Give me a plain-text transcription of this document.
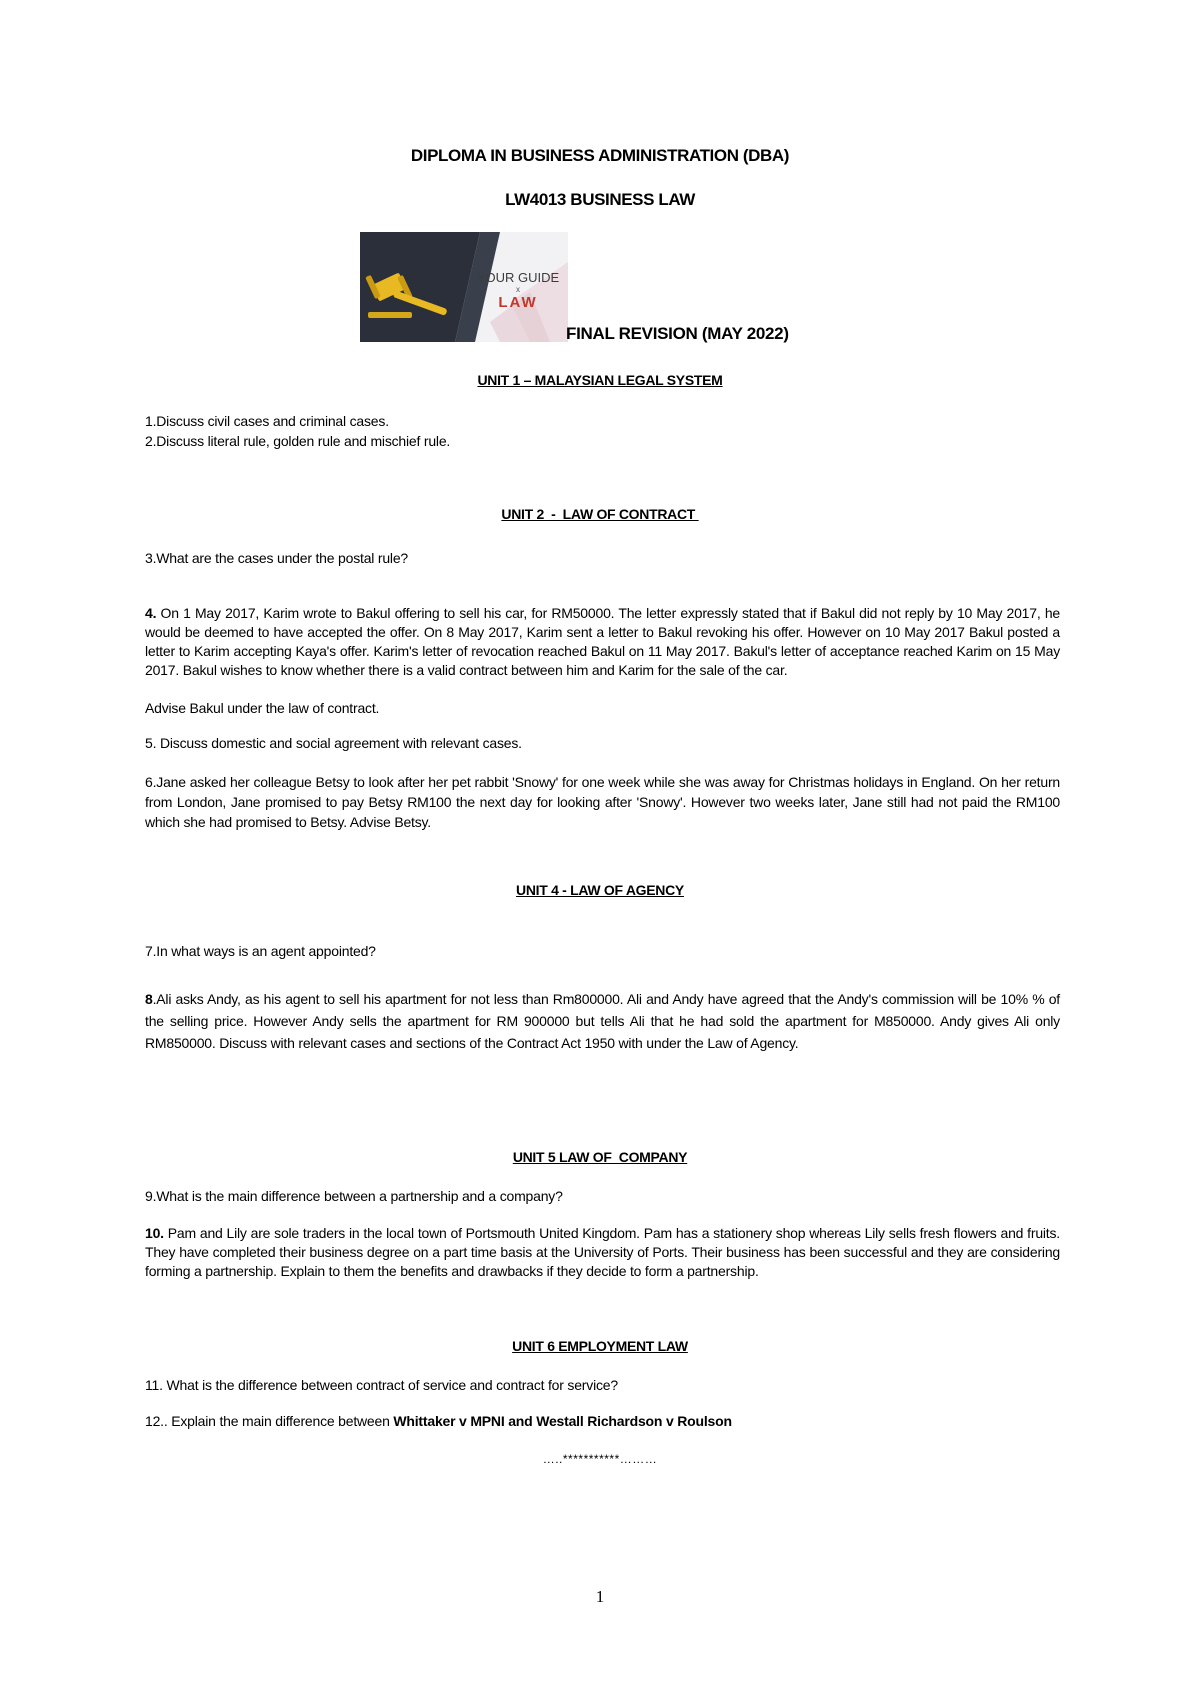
DIPLOMA IN BUSINESS ADMINISTRATION (DBA)
LW4013 BUSINESS LAW
YOUR GUIDE
x
LAW
FINAL REVISION (MAY 2022)
UNIT 1 – MALAYSIAN LEGAL SYSTEM
1.Discuss civil cases and criminal cases.
2.Discuss literal rule, golden rule and mischief rule.
UNIT 2  -  LAW OF CONTRACT
3.What are the cases under the postal rule?
4. On 1 May 2017, Karim wrote to Bakul offering to sell his car, for RM50000. The letter expressly stated that if Bakul did not reply by 10 May 2017, he would be deemed to have accepted the offer. On 8 May 2017, Karim sent a letter to Bakul revoking his offer. However on 10 May 2017 Bakul posted a letter to Karim accepting Kaya's offer. Karim's letter of revocation reached Bakul on 11 May 2017. Bakul's letter of acceptance reached Karim on 15 May 2017. Bakul wishes to know whether there is a valid contract between him and Karim for the sale of the car.
Advise Bakul under the law of contract.
5. Discuss domestic and social agreement with relevant cases.
6.Jane asked her colleague Betsy to look after her pet rabbit 'Snowy' for one week while she was away for Christmas holidays in England. On her return from London, Jane promised to pay Betsy RM100 the next day for looking after 'Snowy'. However two weeks later, Jane still had not paid the RM100 which she had promised to Betsy. Advise Betsy.
UNIT 4 - LAW OF AGENCY
7.In what ways is an agent appointed?
8.Ali asks Andy, as his agent to sell his apartment for not less than Rm800000. Ali and Andy have agreed that the Andy's commission will be 10% % of the selling price. However Andy sells the apartment for RM 900000 but tells Ali that he had sold the apartment for M850000. Andy gives Ali only RM850000. Discuss with relevant cases and sections of the Contract Act 1950 with under the Law of Agency.
UNIT 5 LAW OF  COMPANY
9.What is the main difference between a partnership and a company?
10. Pam and Lily are sole traders in the local town of Portsmouth United Kingdom. Pam has a stationery shop whereas Lily sells fresh flowers and fruits. They have completed their business degree on a part time basis at the University of Ports. Their business has been successful and they are considering forming a partnership. Explain to them the benefits and drawbacks if they decide to form a partnership.
UNIT 6 EMPLOYMENT LAW
11. What is the difference between contract of service and contract for service?
12.. Explain the main difference between Whittaker v MPNI and Westall Richardson v Roulson
…..***********………
1
